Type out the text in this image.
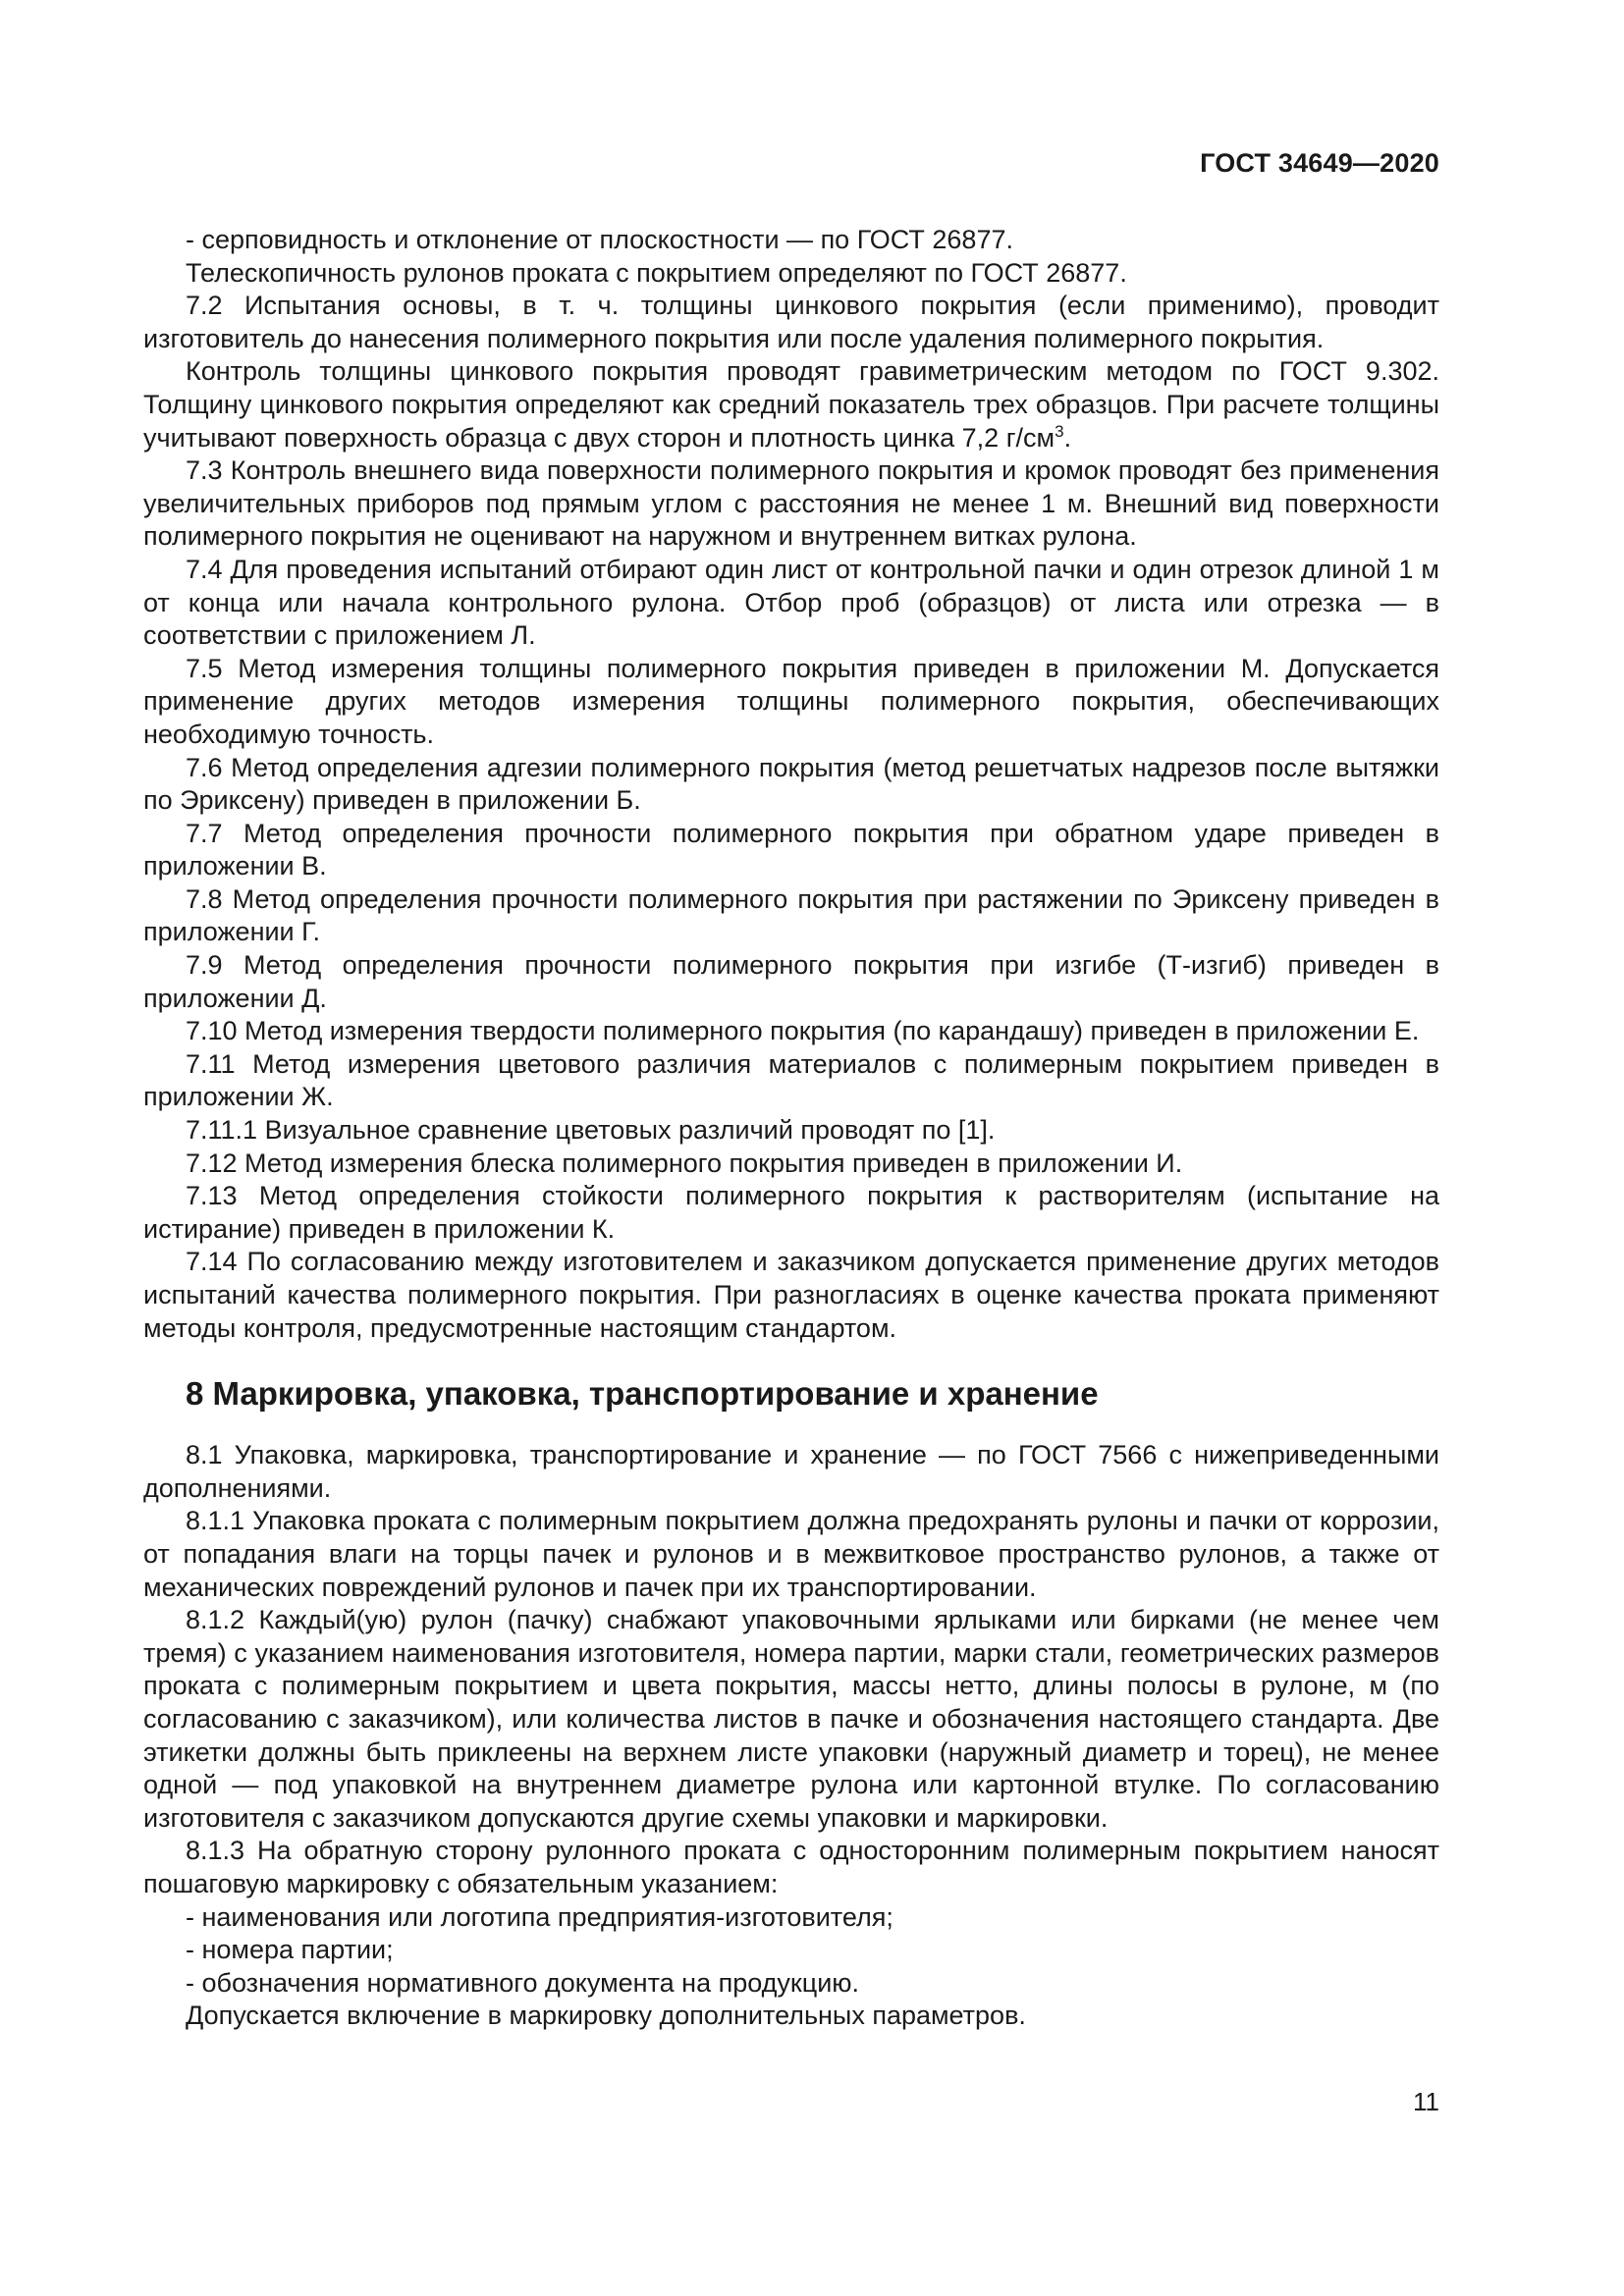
ГОСТ 34649—2020

- серповидность и отклонение от плоскостности — по ГОСТ 26877.

Телескопичность рулонов проката с покрытием определяют по ГОСТ 26877.

7.2 Испытания основы, в т. ч. толщины цинкового покрытия (если применимо), проводит изготовитель до нанесения полимерного покрытия или после удаления полимерного покрытия.

Контроль толщины цинкового покрытия проводят гравиметрическим методом по ГОСТ 9.302. Толщину цинкового покрытия определяют как средний показатель трех образцов. При расчете толщины учитывают поверхность образца с двух сторон и плотность цинка 7,2 $г/см^3$.

7.3 Контроль внешнего вида поверхности полимерного покрытия и кромок проводят без применения увеличительных приборов под прямым углом с расстояния не менее 1 м. Внешний вид поверхности полимерного покрытия не оценивают на наружном и внутреннем витках рулона.

7.4 Для проведения испытаний отбирают один лист от контрольной пачки и один отрезок длиной 1 м от конца или начала контрольного рулона. Отбор проб (образцов) от листа или отрезка — в соответствии с приложением Л.

7.5 Метод измерения толщины полимерного покрытия приведен в приложении М. Допускается применение других методов измерения толщины полимерного покрытия, обеспечивающих необходимую точность.

7.6 Метод определения адгезии полимерного покрытия (метод решетчатых надрезов после вытяжки по Эриксену) приведен в приложении Б.

7.7 Метод определения прочности полимерного покрытия при обратном ударе приведен в приложении В.

7.8 Метод определения прочности полимерного покрытия при растяжении по Эриксену приведен в приложении Г.

7.9 Метод определения прочности полимерного покрытия при изгибе (Т-изгиб) приведен в приложении Д.

7.10 Метод измерения твердости полимерного покрытия (по карандашу) приведен в приложении Е.

7.11 Метод измерения цветового различия материалов с полимерным покрытием приведен в приложении Ж.

7.11.1 Визуальное сравнение цветовых различий проводят по [1].

7.12 Метод измерения блеска полимерного покрытия приведен в приложении И.

7.13 Метод определения стойкости полимерного покрытия к растворителям (испытание на истирание) приведен в приложении К.

7.14 По согласованию между изготовителем и заказчиком допускается применение других методов испытаний качества полимерного покрытия. При разногласиях в оценке качества проката применяют методы контроля, предусмотренные настоящим стандартом.

8 Маркировка, упаковка, транспортирование и хранение

8.1 Упаковка, маркировка, транспортирование и хранение — по ГОСТ 7566 с нижеприведенными дополнениями.

8.1.1 Упаковка проката с полимерным покрытием должна предохранять рулоны и пачки от коррозии, от попадания влаги на торцы пачек и рулонов и в межвитковое пространство рулонов, а также от механических повреждений рулонов и пачек при их транспортировании.

8.1.2 Каждый(ую) рулон (пачку) снабжают упаковочными ярлыками или бирками (не менее чем тремя) с указанием наименования изготовителя, номера партии, марки стали, геометрических размеров проката с полимерным покрытием и цвета покрытия, массы нетто, длины полосы в рулоне, м (по согласованию с заказчиком), или количества листов в пачке и обозначения настоящего стандарта. Две этикетки должны быть приклеены на верхнем листе упаковки (наружный диаметр и торец), не менее одной — под упаковкой на внутреннем диаметре рулона или картонной втулке. По согласованию изготовителя с заказчиком допускаются другие схемы упаковки и маркировки.

8.1.3 На обратную сторону рулонного проката с односторонним полимерным покрытием наносят пошаговую маркировку с обязательным указанием:

- наименования или логотипа предприятия-изготовителя;

- номера партии;

- обозначения нормативного документа на продукцию.

Допускается включение в маркировку дополнительных параметров.

11
